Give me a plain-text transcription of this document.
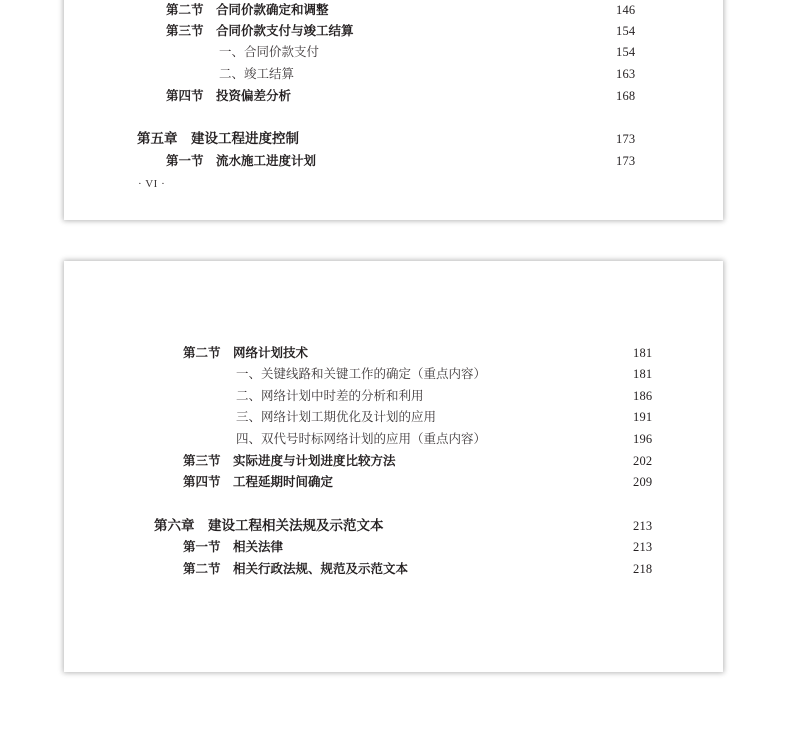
第二节　合同价款确定和调整	146
第三节　合同价款支付与竣工结算	154
一、合同价款支付	154
二、竣工结算	163
第四节　投资偏差分析	168
第五章　建设工程进度控制	173
第一节　流水施工进度计划	173
· VI ·
第二节　网络计划技术	181
一、关键线路和关键工作的确定（重点内容）	181
二、网络计划中时差的分析和利用	186
三、网络计划工期优化及计划的应用	191
四、双代号时标网络计划的应用（重点内容）	196
第三节　实际进度与计划进度比较方法	202
第四节　工程延期时间确定	209
第六章　建设工程相关法规及示范文本	213
第一节　相关法律	213
第二节　相关行政法规、规范及示范文本	218
